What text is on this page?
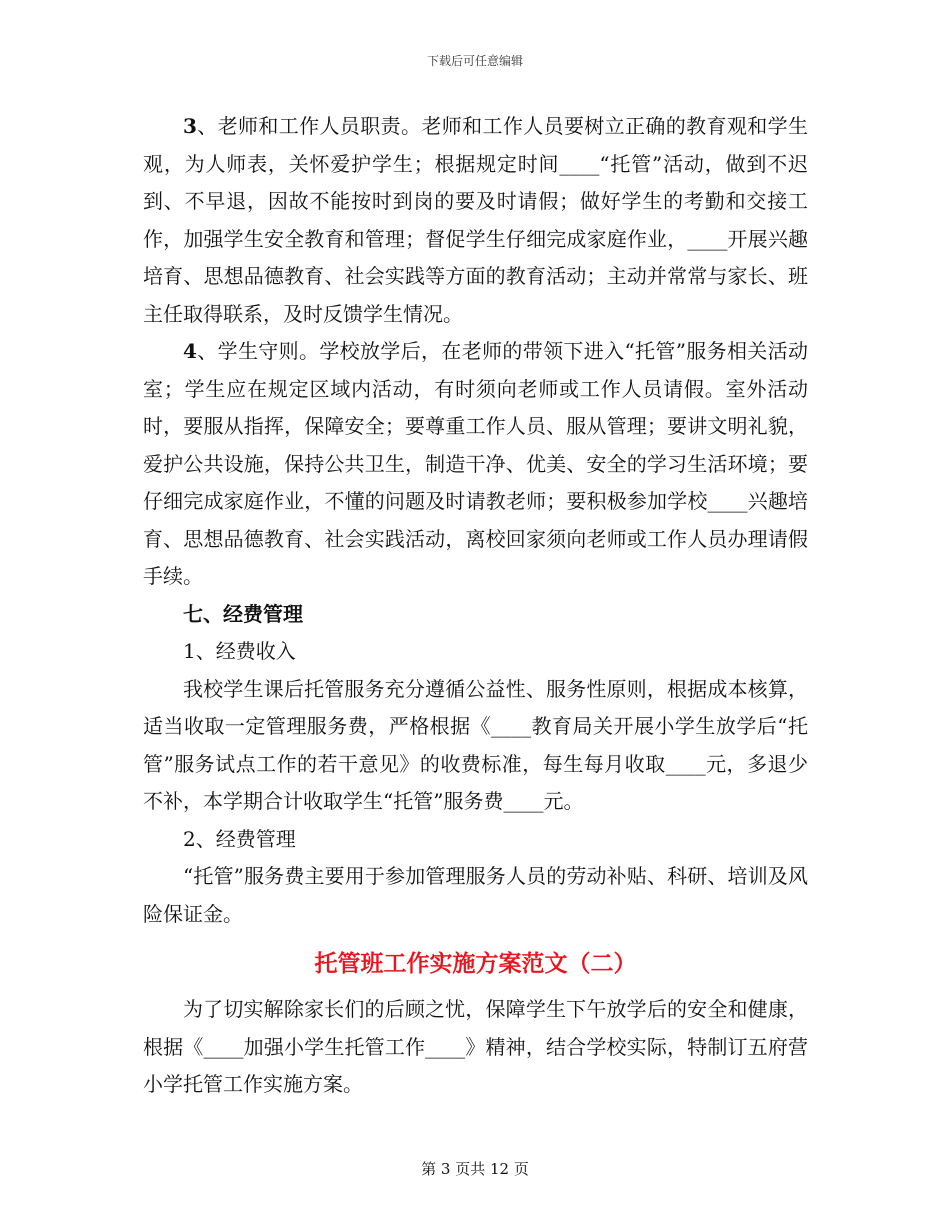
下载后可任意编辑

3、老师和工作人员职责。老师和工作人员要树立正确的教育观和学生观，为人师表，关怀爱护学生；根据规定时间____“托管”活动，做到不迟到、不早退，因故不能按时到岗的要及时请假；做好学生的考勤和交接工作，加强学生安全教育和管理；督促学生仔细完成家庭作业，____开展兴趣培育、思想品德教育、社会实践等方面的教育活动；主动并常常与家长、班主任取得联系，及时反馈学生情况。

4、学生守则。学校放学后，在老师的带领下进入“托管”服务相关活动室；学生应在规定区域内活动，有时须向老师或工作人员请假。室外活动时，要服从指挥，保障安全；要尊重工作人员、服从管理；要讲文明礼貌，爱护公共设施，保持公共卫生，制造干净、优美、安全的学习生活环境；要仔细完成家庭作业，不懂的问题及时请教老师；要积极参加学校____兴趣培育、思想品德教育、社会实践活动，离校回家须向老师或工作人员办理请假手续。

七、经费管理

1、经费收入

我校学生课后托管服务充分遵循公益性、服务性原则，根据成本核算，适当收取一定管理服务费，严格根据《____教育局关开展小学生放学后“托管”服务试点工作的若干意见》的收费标准，每生每月收取____元，多退少不补，本学期合计收取学生“托管”服务费____元。

2、经费管理

“托管”服务费主要用于参加管理服务人员的劳动补贴、科研、培训及风险保证金。

托管班工作实施方案范文（二）

为了切实解除家长们的后顾之忧，保障学生下午放学后的安全和健康，根据《____加强小学生托管工作____》精神，结合学校实际，特制订五府营小学托管工作实施方案。

第 3 页共 12 页
